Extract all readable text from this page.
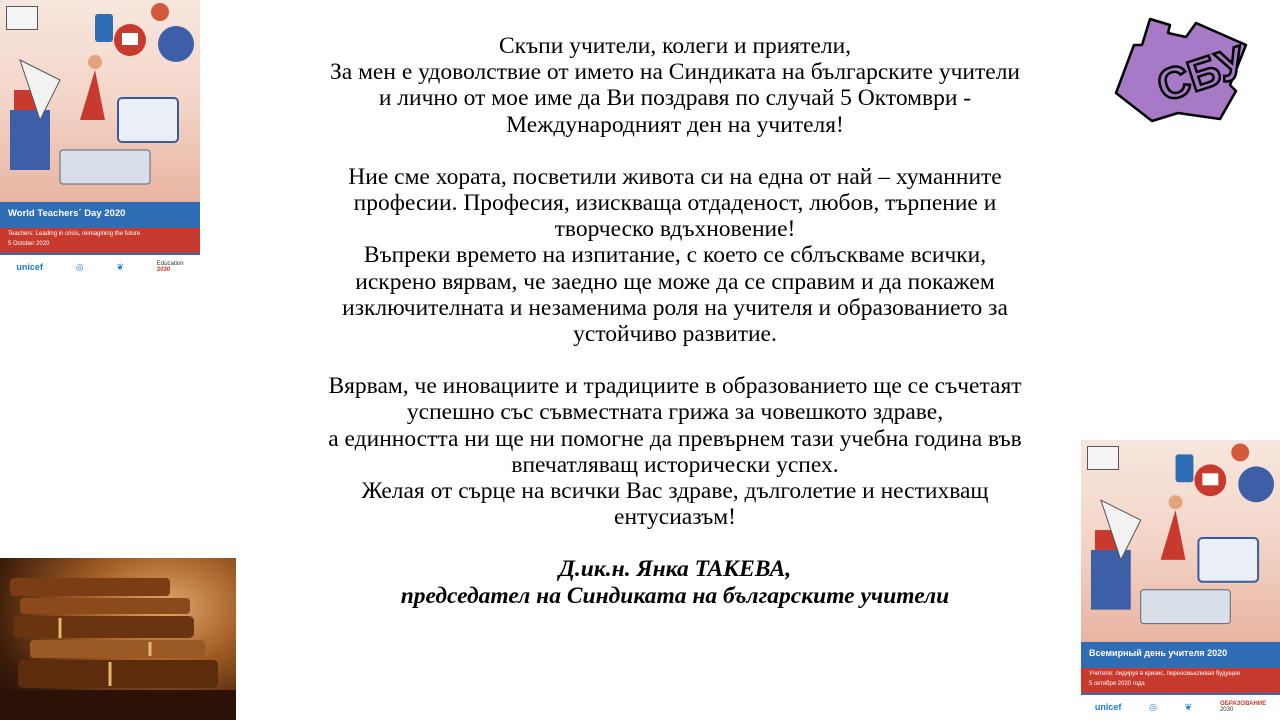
World Teachers´ Day 2020
Teachers: Leading in crisis, reimagining the future
5 October 2020
unicef	◎	❦	Education
2030

Скъпи учители, колеги и приятели,

За мен е удоволствие от името на Синдиката на българските учители

и лично от мое име да Ви поздравя по случай 5 Октомври -

Международният ден на учителя!

Ние сме хората, посветили живота си на една от най – хуманните

професии. Професия, изискваща отдаденост, любов, търпение и

творческо вдъхновение!

Въпреки времето на изпитание, с което се сблъскваме всички,

искрено вярвам, че заедно ще може да се справим и да покажем

изключителната и незаменима роля на учителя и образованието за

устойчиво развитие.

Вярвам, че иновациите и традициите в образованието ще се съчетаят

успешно със съвместната грижа за човешкото здраве,

а единността ни ще ни помогне да превърнем тази учебна година във

впечатляващ исторически успех.

Желая от сърце на всички Вас здраве, дълголетие и нестихващ

ентусиазъм!

Д.ик.н. Янка ТАКЕВА,

председател на Синдиката на българските учители

СБУ
Всемирный день учителя 2020
Учителя: лидируя в кризис, переосмысливая будущее
5 октября 2020 года
unicef	◎	❦	ОБРАЗОВАНИЕ
2030
